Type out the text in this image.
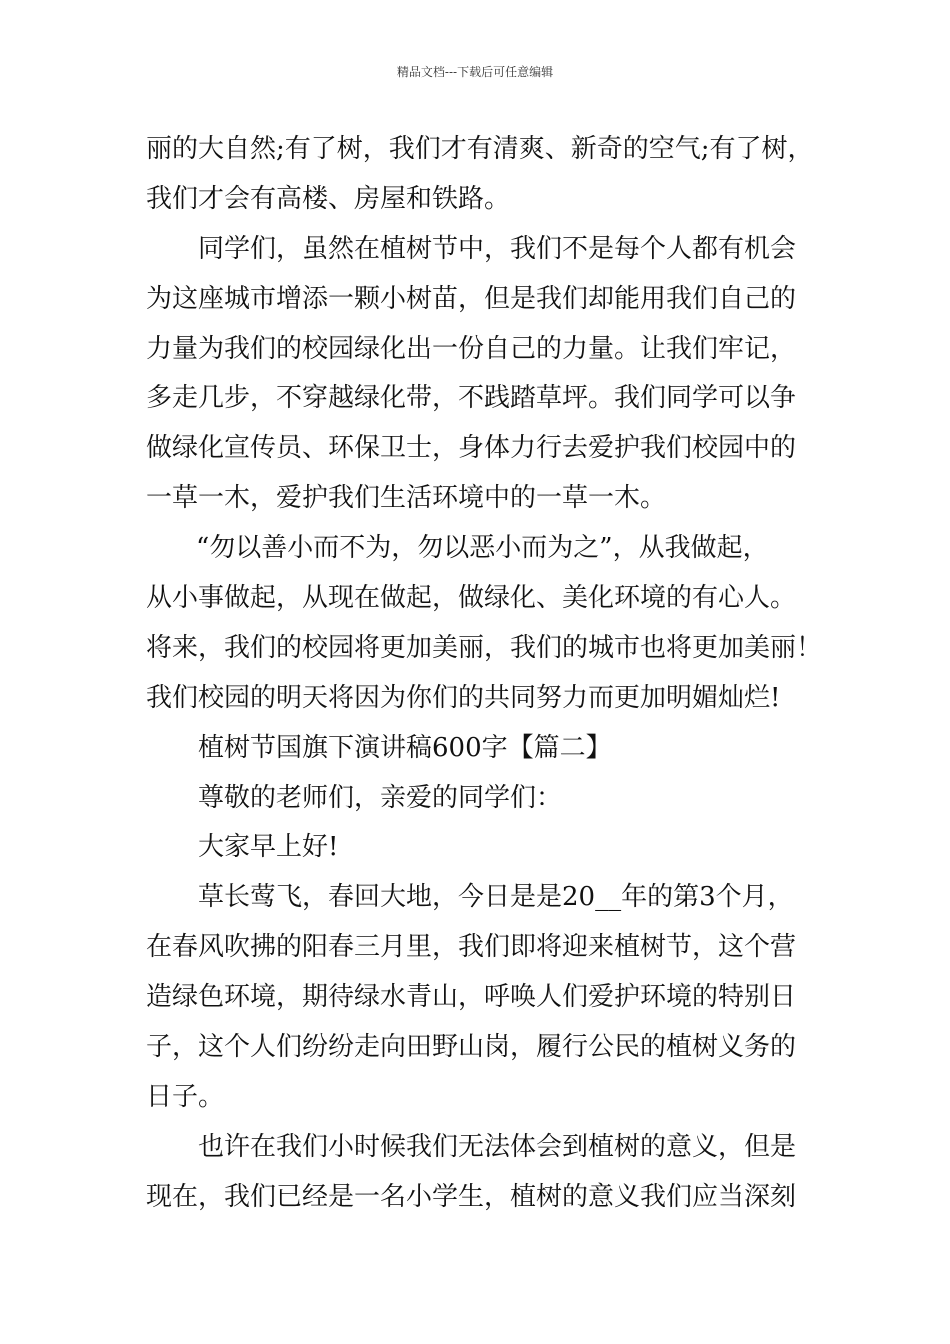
精品文档---下载后可任意编辑
丽的大自然;有了树，我们才有清爽、新奇的空气;有了树，
我们才会有高楼、房屋和铁路。
同学们，虽然在植树节中，我们不是每个人都有机会
为这座城市增添一颗小树苗，但是我们却能用我们自己的
力量为我们的校园绿化出一份自己的力量。让我们牢记，
多走几步，不穿越绿化带，不践踏草坪。我们同学可以争
做绿化宣传员、环保卫士，身体力行去爱护我们校园中的
一草一木，爱护我们生活环境中的一草一木。
“勿以善小而不为，勿以恶小而为之”，从我做起，
从小事做起，从现在做起，做绿化、美化环境的有心人。
将来，我们的校园将更加美丽，我们的城市也将更加美丽！
我们校园的明天将因为你们的共同努力而更加明媚灿烂!
植树节国旗下演讲稿600字【篇二】
尊敬的老师们，亲爱的同学们：
大家早上好!
草长莺飞，春回大地，今日是是20__年的第3个月，
在春风吹拂的阳春三月里，我们即将迎来植树节，这个营
造绿色环境，期待绿水青山，呼唤人们爱护环境的特别日
子，这个人们纷纷走向田野山岗，履行公民的植树义务的
日子。
也许在我们小时候我们无法体会到植树的意义，但是
现在，我们已经是一名小学生，植树的意义我们应当深刻
